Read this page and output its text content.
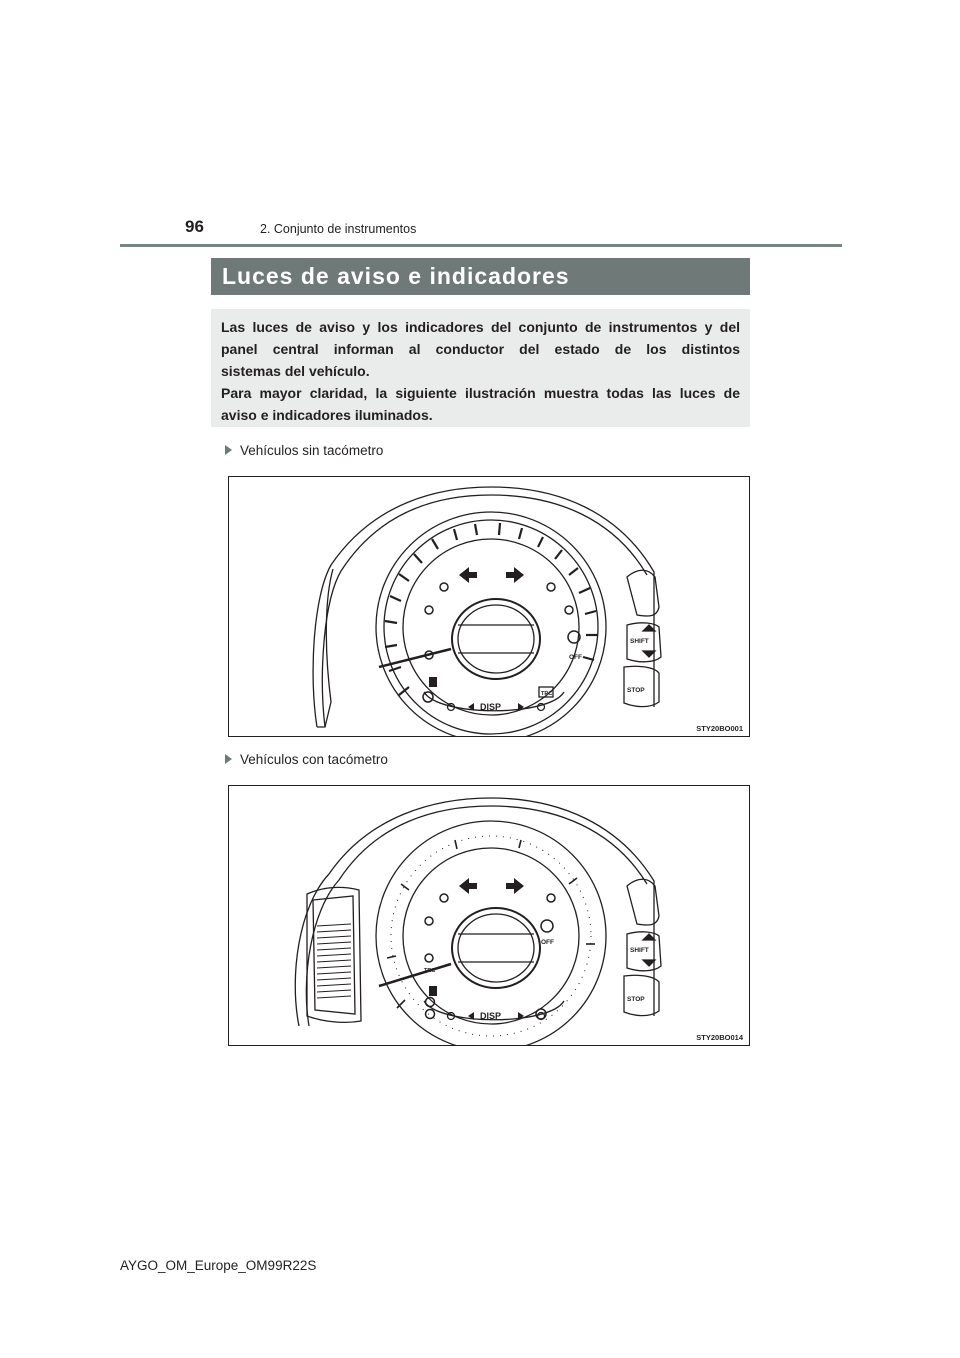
96	2. Conjunto de instrumentos
Luces de aviso e indicadores
Las luces de aviso y los indicadores del conjunto de instrumentos y del
panel central informan al conductor del estado de los distintos
sistemas del vehículo.
Para mayor claridad, la siguiente ilustración muestra todas las luces de
aviso e indicadores iluminados.
Vehículos sin tacómetro
DISP
OFF
TRC
SHIFT
STOP
STY20BO001
Vehículos con tacómetro
DISP
OFF
TRC
SHIFT
STOP
STY20BO014
AYGO_OM_Europe_OM99R22S
